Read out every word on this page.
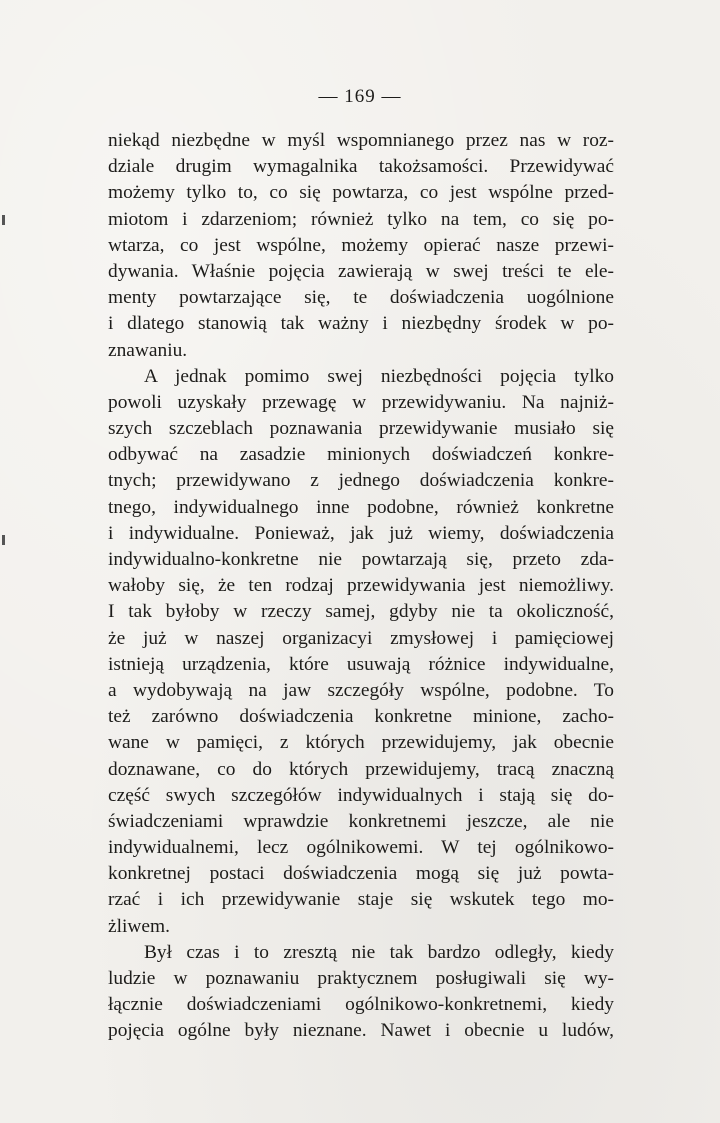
— 169 —
niekąd niezbędne w myśl wspomnianego przez nas w roz-
dziale drugim wymagalnika takożsamości. Przewidywać
możemy tylko to, co się powtarza, co jest wspólne przed-
miotom i zdarzeniom; również tylko na tem, co się po-
wtarza, co jest wspólne, możemy opierać nasze przewi-
dywania. Właśnie pojęcia zawierają w swej treści te ele-
menty powtarzające się, te doświadczenia uogólnione
i dlatego stanowią tak ważny i niezbędny środek w po-
znawaniu.
A jednak pomimo swej niezbędności pojęcia tylko
powoli uzyskały przewagę w przewidywaniu. Na najniż-
szych szczeblach poznawania przewidywanie musiało się
odbywać na zasadzie minionych doświadczeń konkre-
tnych; przewidywano z jednego doświadczenia konkre-
tnego, indywidualnego inne podobne, również konkretne
i indywidualne. Ponieważ, jak już wiemy, doświadczenia
indywidualno-konkretne nie powtarzają się, przeto zda-
wałoby się, że ten rodzaj przewidywania jest niemożliwy.
I tak byłoby w rzeczy samej, gdyby nie ta okoliczność,
że już w naszej organizacyi zmysłowej i pamięciowej
istnieją urządzenia, które usuwają różnice indywidualne,
a wydobywają na jaw szczegóły wspólne, podobne. To
też zarówno doświadczenia konkretne minione, zacho-
wane w pamięci, z których przewidujemy, jak obecnie
doznawane, co do których przewidujemy, tracą znaczną
część swych szczegółów indywidualnych i stają się do-
świadczeniami wprawdzie konkretnemi jeszcze, ale nie
indywidualnemi, lecz ogólnikowemi. W tej ogólnikowo-
konkretnej postaci doświadczenia mogą się już powta-
rzać i ich przewidywanie staje się wskutek tego mo-
żliwem.
Był czas i to zresztą nie tak bardzo odległy, kiedy
ludzie w poznawaniu praktycznem posługiwali się wy-
łącznie doświadczeniami ogólnikowo-konkretnemi, kiedy
pojęcia ogólne były nieznane. Nawet i obecnie u ludów,
